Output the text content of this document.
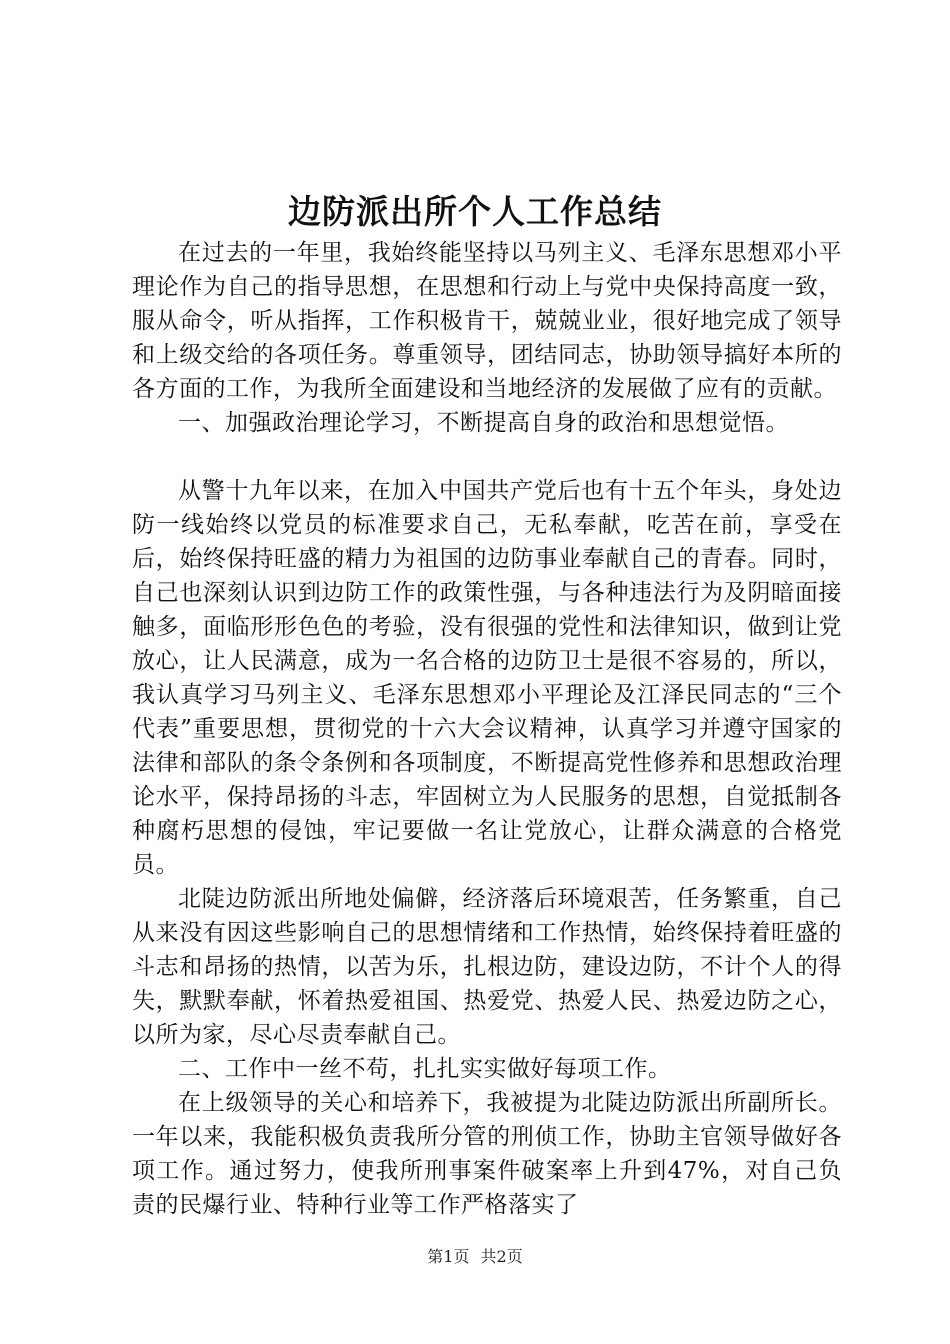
边防派出所个人工作总结

在过去的一年里，我始终能坚持以马列主义、毛泽东思想邓小平理论作为自己的指导思想，在思想和行动上与党中央保持高度一致，服从命令，听从指挥，工作积极肯干，兢兢业业，很好地完成了领导和上级交给的各项任务。尊重领导，团结同志，协助领导搞好本所的各方面的工作，为我所全面建设和当地经济的发展做了应有的贡献。

一、加强政治理论学习，不断提高自身的政治和思想觉悟。

从警十九年以来，在加入中国共产党后也有十五个年头，身处边防一线始终以党员的标准要求自己，无私奉献，吃苦在前，享受在后，始终保持旺盛的精力为祖国的边防事业奉献自己的青春。同时，自己也深刻认识到边防工作的政策性强，与各种违法行为及阴暗面接触多，面临形形色色的考验，没有很强的党性和法律知识，做到让党放心，让人民满意，成为一名合格的边防卫士是很不容易的，所以，我认真学习马列主义、毛泽东思想邓小平理论及江泽民同志的“三个代表”重要思想，贯彻党的十六大会议精神，认真学习并遵守国家的法律和部队的条令条例和各项制度，不断提高党性修养和思想政治理论水平，保持昂扬的斗志，牢固树立为人民服务的思想，自觉抵制各种腐朽思想的侵蚀，牢记要做一名让党放心，让群众满意的合格党员。

北陡边防派出所地处偏僻，经济落后环境艰苦，任务繁重，自己从来没有因这些影响自己的思想情绪和工作热情，始终保持着旺盛的斗志和昂扬的热情，以苦为乐，扎根边防，建设边防，不计个人的得失，默默奉献，怀着热爱祖国、热爱党、热爱人民、热爱边防之心，以所为家，尽心尽责奉献自己。

二、工作中一丝不苟，扎扎实实做好每项工作。

在上级领导的关心和培养下，我被提为北陡边防派出所副所长。一年以来，我能积极负责我所分管的刑侦工作，协助主官领导做好各项工作。通过努力，使我所刑事案件破案率上升到47%，对自己负责的民爆行业、特种行业等工作严格落实了

第1页 共2页
